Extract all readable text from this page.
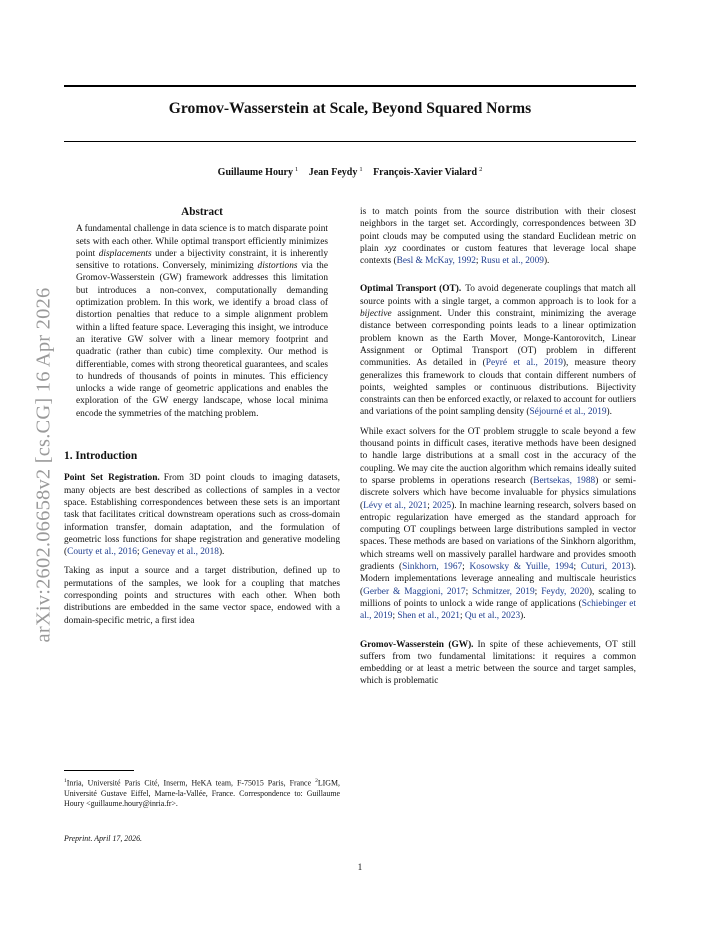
Gromov-Wasserstein at Scale, Beyond Squared Norms
Guillaume Houry $^1$ Jean Feydy $^1$ François-Xavier Vialard $^2$
arXiv:2602.06658v2 [cs.CG] 16 Apr 2026
Abstract
A fundamental challenge in data science is to match disparate point sets with each other. While optimal transport efficiently minimizes point displacements under a bijectivity constraint, it is inherently sensitive to rotations. Conversely, minimizing distortions via the Gromov-Wasserstein (GW) framework addresses this limitation but introduces a non-convex, computationally demanding optimization problem. In this work, we identify a broad class of distortion penalties that reduce to a simple alignment problem within a lifted feature space. Leveraging this insight, we introduce an iterative GW solver with a linear memory footprint and quadratic (rather than cubic) time complexity. Our method is differentiable, comes with strong theoretical guarantees, and scales to hundreds of thousands of points in minutes. This efficiency unlocks a wide range of geometric applications and enables the exploration of the GW energy landscape, whose local minima encode the symmetries of the matching problem.
1. Introduction

Point Set Registration. From 3D point clouds to imaging datasets, many objects are best described as collections of samples in a vector space. Establishing correspondences between these sets is an important task that facilitates critical downstream operations such as cross-domain information transfer, domain adaptation, and the formulation of geometric loss functions for shape registration and generative modeling (Courty et al., 2016; Genevay et al., 2018).

Taking as input a source and a target distribution, defined up to permutations of the samples, we look for a coupling that matches corresponding points and structures with each other. When both distributions are embedded in the same vector space, endowed with a domain-specific metric, a first idea

$^1$Inria, Université Paris Cité, Inserm, HeKA team, F-75015 Paris, France $^2$LIGM, Université Gustave Eiffel, Marne-la-Vallée, France. Correspondence to: Guillaume Houry <guillaume.houry@inria.fr>.
Preprint. April 17, 2026.

is to match points from the source distribution with their closest neighbors in the target set. Accordingly, correspondences between 3D point clouds may be computed using the standard Euclidean metric on plain xyz coordinates or custom features that leverage local shape contexts (Besl & McKay, 1992; Rusu et al., 2009).

Optimal Transport (OT). To avoid degenerate couplings that match all source points with a single target, a common approach is to look for a bijective assignment. Under this constraint, minimizing the average distance between corresponding points leads to a linear optimization problem known as the Earth Mover, Monge-Kantorovitch, Linear Assignment or Optimal Transport (OT) problem in different communities. As detailed in (Peyré et al., 2019), measure theory generalizes this framework to clouds that contain different numbers of points, weighted samples or continuous distributions. Bijectivity constraints can then be enforced exactly, or relaxed to account for outliers and variations of the point sampling density (Séjourné et al., 2019).

While exact solvers for the OT problem struggle to scale beyond a few thousand points in difficult cases, iterative methods have been designed to handle large distributions at a small cost in the accuracy of the coupling. We may cite the auction algorithm which remains ideally suited to sparse problems in operations research (Bertsekas, 1988) or semi-discrete solvers which have become invaluable for physics simulations (Lévy et al., 2021; 2025). In machine learning research, solvers based on entropic regularization have emerged as the standard approach for computing OT couplings between large distributions sampled in vector spaces. These methods are based on variations of the Sinkhorn algorithm, which streams well on massively parallel hardware and provides smooth gradients (Sinkhorn, 1967; Kosowsky & Yuille, 1994; Cuturi, 2013). Modern implementations leverage annealing and multiscale heuristics (Gerber & Maggioni, 2017; Schmitzer, 2019; Feydy, 2020), scaling to millions of points to unlock a wide range of applications (Schiebinger et al., 2019; Shen et al., 2021; Qu et al., 2023).

Gromov-Wasserstein (GW). In spite of these achievements, OT still suffers from two fundamental limitations: it requires a common embedding or at least a metric between the source and target samples, which is problematic

1
